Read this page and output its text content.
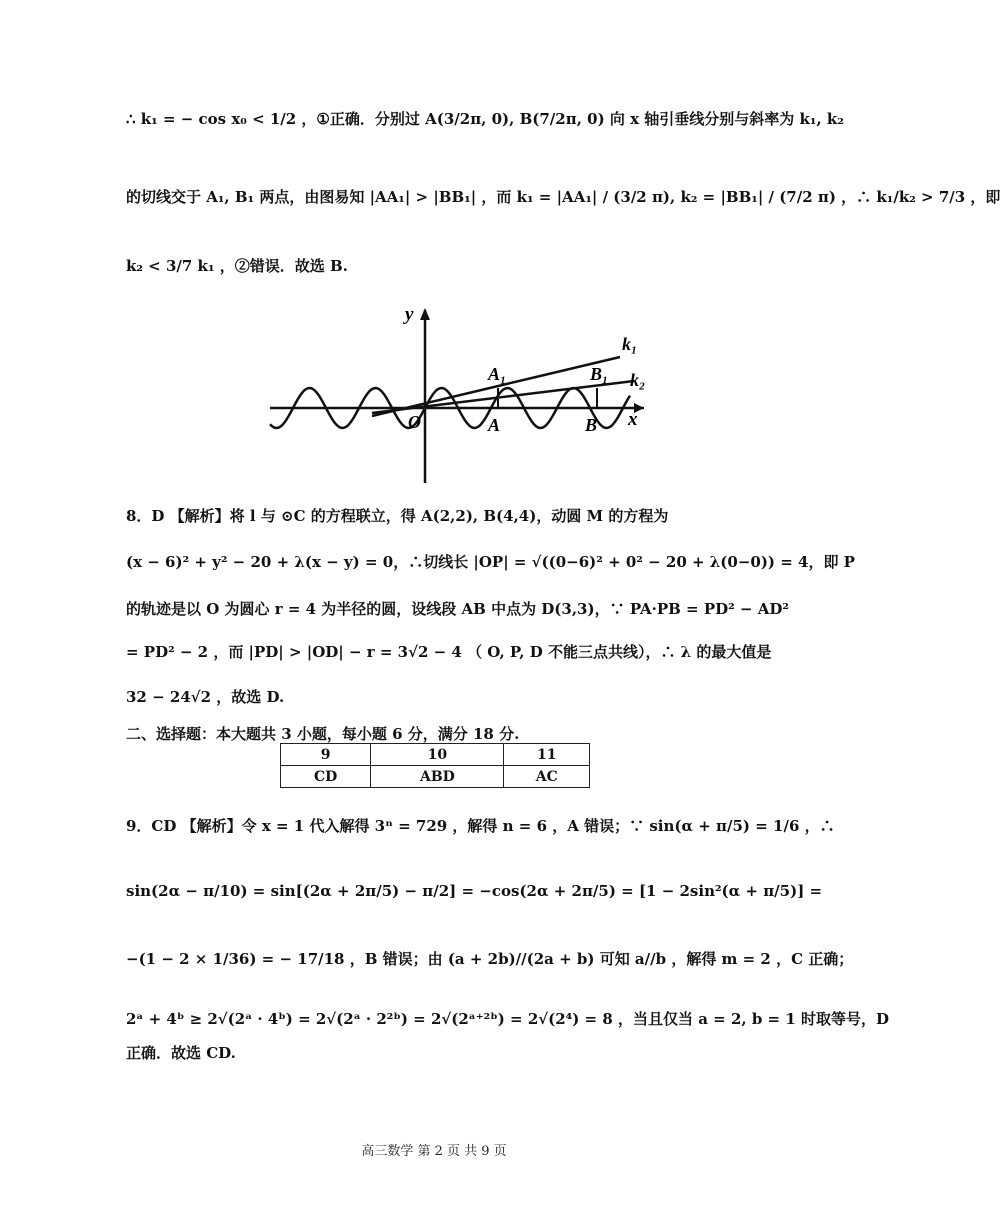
∴ k₁ = − cos x₀ < 1/2 ，①正确．分别过 A(3/2π, 0), B(7/2π, 0) 向 x 轴引垂线分别与斜率为 k₁, k₂
的切线交于 A₁, B₁ 两点，由图易知 |AA₁| > |BB₁| ，而 k₁ = |AA₁| / (3/2 π), k₂ = |BB₁| / (7/2 π) ，∴ k₁/k₂ > 7/3 ，即
k₂ < 3/7 k₁ ，②错误．故选 B.
y
x
O	A	B
A₁	B₁
k₁
k₂
8．D 【解析】将 l 与 ⊙C 的方程联立，得 A(2,2), B(4,4)，动圆 M 的方程为
(x − 6)² + y² − 20 + λ(x − y) = 0，∴切线长 |OP| = √((0−6)² + 0² − 20 + λ(0−0)) = 4，即 P
的轨迹是以 O 为圆心 r = 4 为半径的圆，设线段 AB 中点为 D(3,3)，∵ PA·PB = PD² − AD²
= PD² − 2 ，而 |PD| > |OD| − r = 3√2 − 4 （ O, P, D 不能三点共线），∴ λ 的最大值是
32 − 24√2 ，故选 D.
二、选择题：本大题共 3 小题，每小题 6 分，满分 18 分.
9	10	11
CD	ABD	AC
9．CD 【解析】令 x = 1 代入解得 3ⁿ = 729 ，解得 n = 6 ，A 错误；∵ sin(α + π/5) = 1/6 ，∴
sin(2α − π/10) = sin[(2α + 2π/5) − π/2] = −cos(2α + 2π/5) = [1 − 2sin²(α + π/5)] =
−(1 − 2 × 1/36) = − 17/18 ，B 错误；由 (a + 2b)//(2a + b) 可知 a//b ，解得 m = 2 ，C 正确；
2ᵃ + 4ᵇ ≥ 2√(2ᵃ · 4ᵇ) = 2√(2ᵃ · 2²ᵇ) = 2√(2ᵃ⁺²ᵇ) = 2√(2⁴) = 8 ，当且仅当 a = 2, b = 1 时取等号，D
正确．故选 CD.
高三数学 第 2 页 共 9 页
